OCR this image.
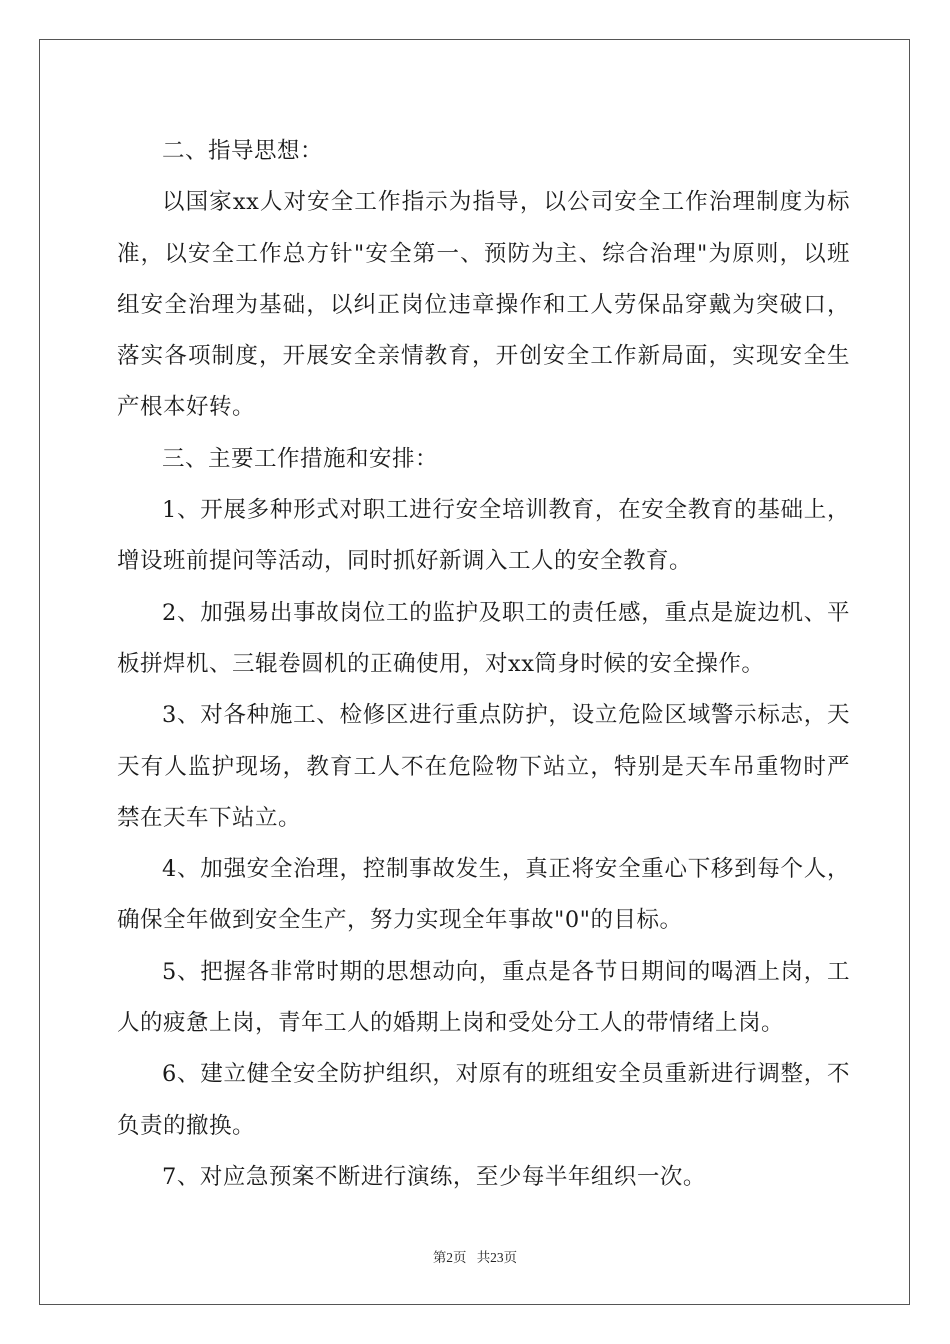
二、指导思想：

以国家xx人对安全工作指示为指导，以公司安全工作治理制度为标准，以安全工作总方针"安全第一、预防为主、综合治理"为原则，以班组安全治理为基础，以纠正岗位违章操作和工人劳保品穿戴为突破口，落实各项制度，开展安全亲情教育，开创安全工作新局面，实现安全生产根本好转。

三、主要工作措施和安排：

1、开展多种形式对职工进行安全培训教育，在安全教育的基础上，增设班前提问等活动，同时抓好新调入工人的安全教育。

2、加强易出事故岗位工的监护及职工的责任感，重点是旋边机、平板拼焊机、三辊卷圆机的正确使用，对xx筒身时候的安全操作。

3、对各种施工、检修区进行重点防护，设立危险区域警示标志，天天有人监护现场，教育工人不在危险物下站立，特别是天车吊重物时严禁在天车下站立。

4、加强安全治理，控制事故发生，真正将安全重心下移到每个人，确保全年做到安全生产，努力实现全年事故"0"的目标。

5、把握各非常时期的思想动向，重点是各节日期间的喝酒上岗，工人的疲惫上岗，青年工人的婚期上岗和受处分工人的带情绪上岗。

6、建立健全安全防护组织，对原有的班组安全员重新进行调整，不负责的撤换。

7、对应急预案不断进行演练，至少每半年组织一次。

第2页 共23页
